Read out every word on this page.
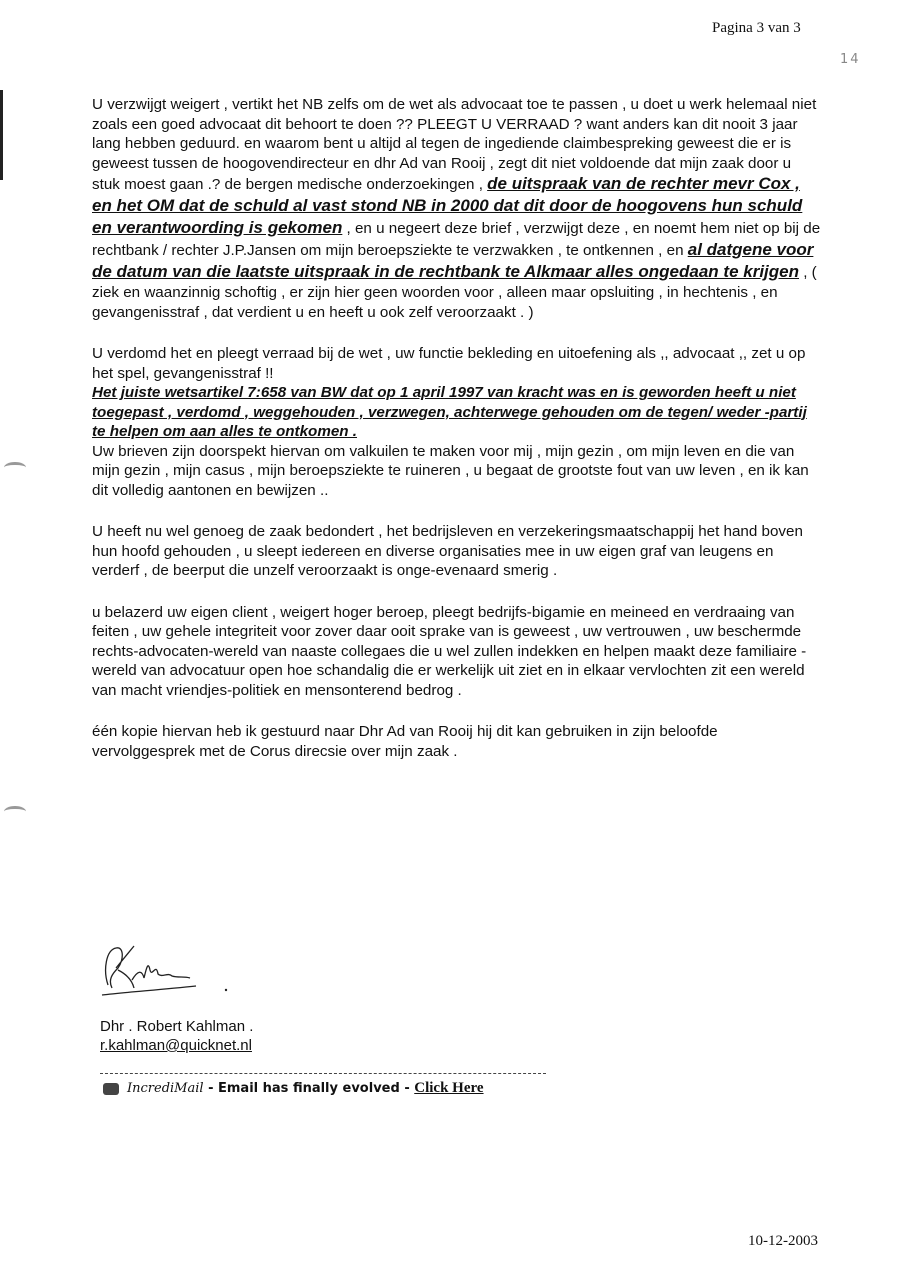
Pagina 3 van 3
14

U verzwijgt weigert , vertikt het NB zelfs om de wet als advocaat toe te passen , u doet u werk helemaal niet zoals een goed advocaat dit behoort te doen ?? PLEEGT U VERRAAD ? want anders kan dit nooit 3 jaar lang hebben geduurd. en waarom bent u altijd al tegen de ingediende claimbespreking geweest die er is geweest tussen de hoogovendirecteur en dhr Ad van Rooij , zegt dit niet voldoende dat mijn zaak door u stuk moest gaan .? de bergen medische onderzoekingen , de uitspraak van de rechter mevr Cox , en het OM dat de schuld al vast stond NB in 2000 dat dit door de hoogovens hun schuld en verantwoording is gekomen , en u negeert deze brief , verzwijgt deze , en noemt hem niet op bij de rechtbank / rechter J.P.Jansen om mijn beroepsziekte te verzwakken , te ontkennen , en al datgene voor de datum van die laatste uitspraak in de rechtbank te Alkmaar alles ongedaan te krijgen , ( ziek en waanzinnig schoftig , er zijn hier geen woorden voor , alleen maar opsluiting , in hechtenis , en gevangenisstraf , dat verdient u en heeft u ook zelf veroorzaakt . )

U verdomd het en pleegt verraad bij de wet , uw functie bekleding en uitoefening als ,, advocaat ,, zet u op het spel, gevangenisstraf !!
Het juiste wetsartikel 7:658 van BW dat op 1 april 1997 van kracht was en is geworden heeft u niet toegepast , verdomd , weggehouden , verzwegen, achterwege gehouden om de tegen/ weder -partij te helpen om aan alles te ontkomen .
Uw brieven zijn doorspekt hiervan om valkuilen te maken voor mij , mijn gezin , om mijn leven en die van mijn gezin , mijn casus , mijn beroepsziekte te ruineren , u begaat de grootste fout van uw leven , en ik kan dit volledig aantonen en bewijzen ..

U heeft nu wel genoeg de zaak bedondert , het bedrijsleven en verzekeringsmaatschappij het hand boven hun hoofd gehouden , u sleept iedereen en diverse organisaties mee in uw eigen graf van leugens en verderf , de beerput die unzelf veroorzaakt is onge-evenaard smerig .

u belazerd uw eigen client , weigert hoger beroep, pleegt bedrijfs-bigamie en meineed en verdraaing van feiten , uw gehele integriteit voor zover daar ooit sprake van is geweest , uw vertrouwen , uw beschermde rechts-advocaten-wereld van naaste collegaes die u wel zullen indekken en helpen maakt deze familiaire - wereld van advocatuur open hoe schandalig die er werkelijk uit ziet en in elkaar vervlochten zit een wereld van macht vriendjes-politiek en mensonterend bedrog .

één kopie hiervan heb ik gestuurd naar Dhr Ad van Rooij hij dit kan gebruiken in zijn beloofde vervolggesprek met de Corus direcsie over mijn zaak .

Dhr . Robert Kahlman .
r.kahlman@quicknet.nl
IncrediMail - Email has finally evolved - Click Here
10-12-2003
